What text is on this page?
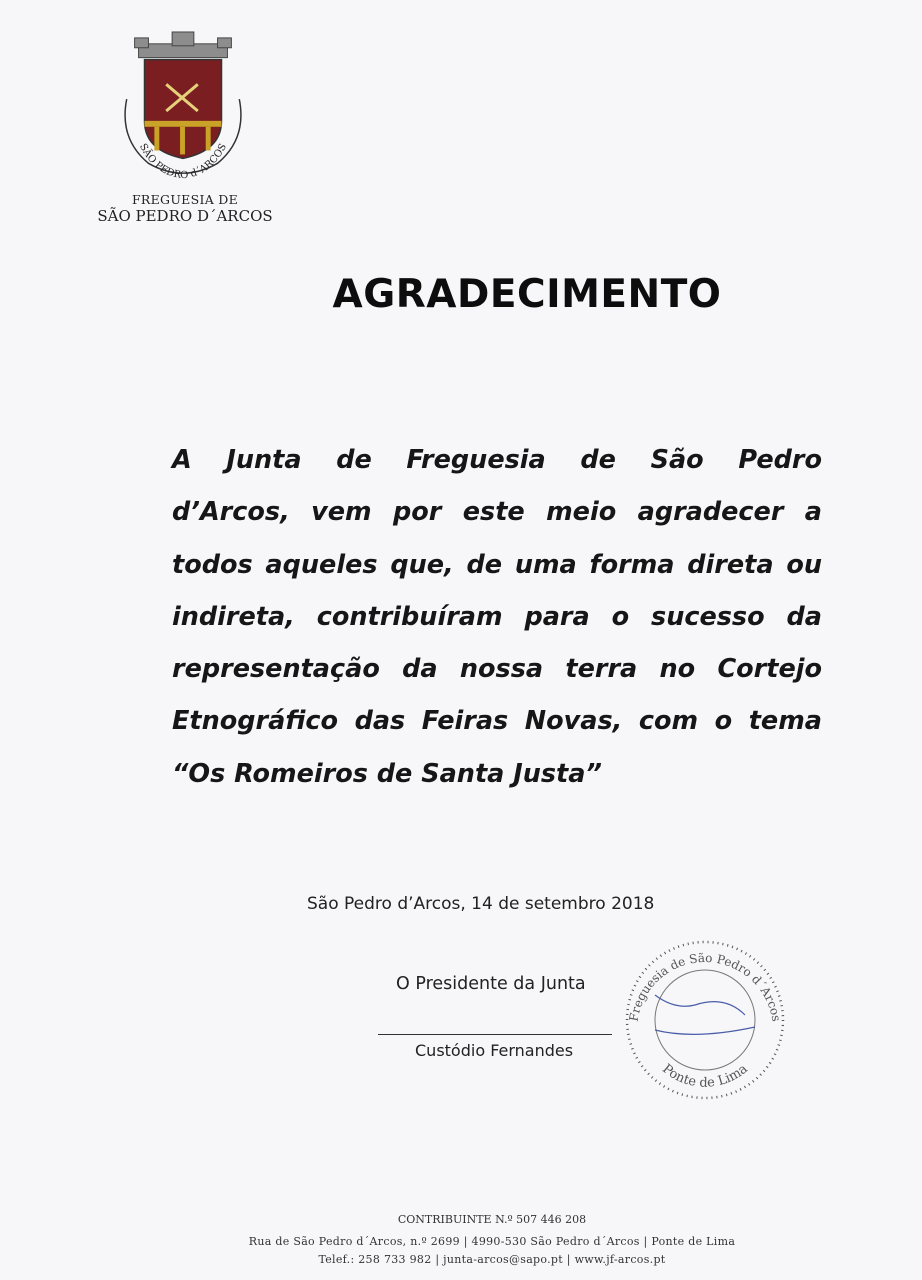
SÃO PEDRO d´ARCOS
FREGUESIA DE
SÃO PEDRO D´ARCOS
AGRADECIMENTO
A Junta de Freguesia de São Pedro
d’Arcos, vem por este meio agradecer a
todos aqueles que, de uma forma direta ou
indireta, contribuíram para o sucesso da
representação da nossa terra no Cortejo
Etnográfico das Feiras Novas, com o tema
“Os Romeiros de Santa Justa”
São Pedro d’Arcos, 14 de setembro 2018
Freguesia de São Pedro d´Arcos
Ponte de Lima
O Presidente da Junta
Custódio Fernandes
CONTRIBUINTE N.º 507 446 208
Rua de São Pedro d´Arcos, n.º 2699 | 4990-530 São Pedro d´Arcos | Ponte de Lima
Telef.: 258 733 982 | junta-arcos@sapo.pt | www.jf-arcos.pt
